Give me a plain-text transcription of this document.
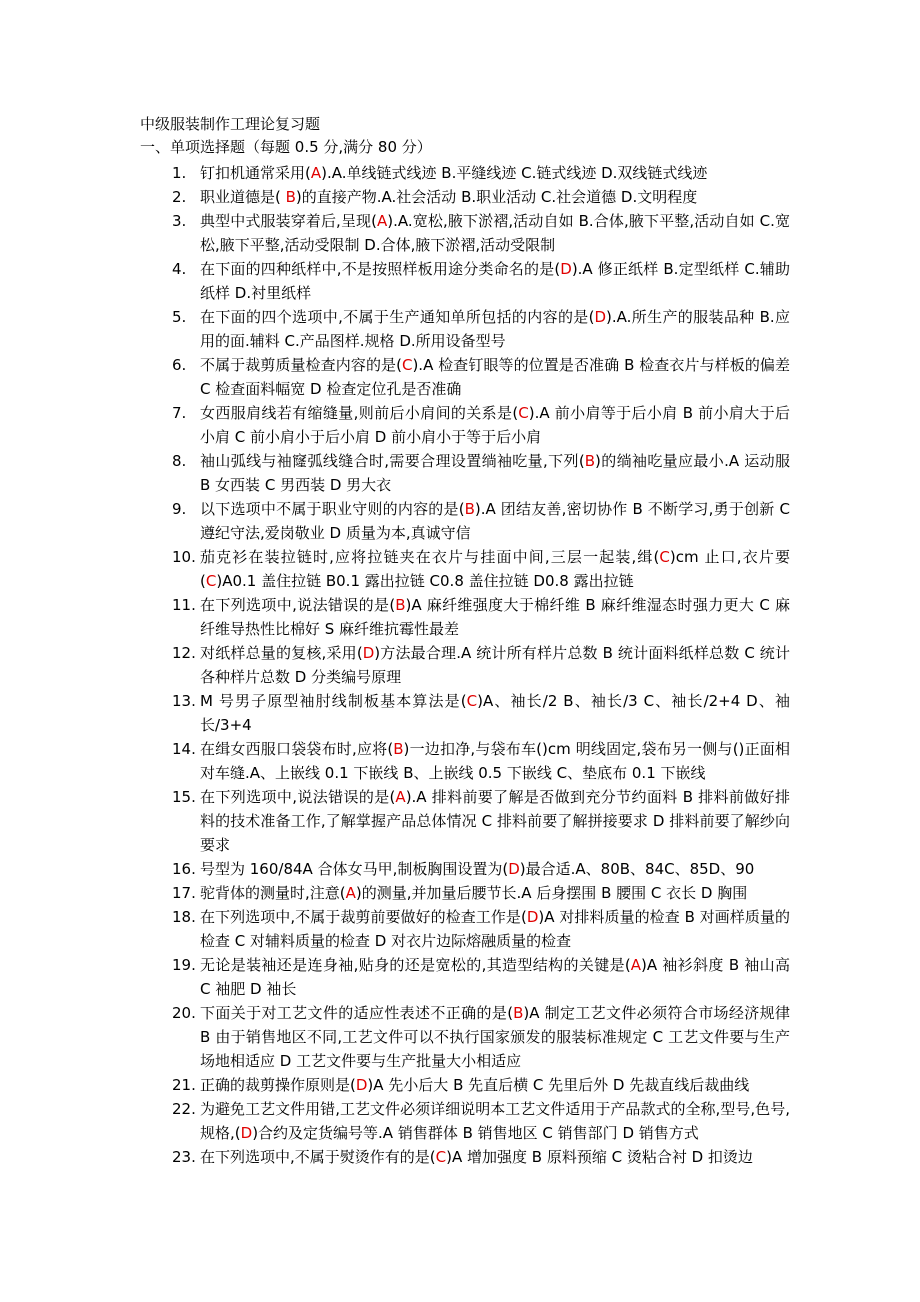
中级服装制作工理论复习题
一、单项选择题（每题 0.5 分,满分 80 分）
1. 钉扣机通常采用(A).A.单线链式线迹 B.平缝线迹 C.链式线迹 D.双线链式线迹
2. 职业道德是( B)的直接产物.A.社会活动 B.职业活动 C.社会道德 D.文明程度
3. 典型中式服装穿着后,呈现(A).A.宽松,腋下淤褶,活动自如 B.合体,腋下平整,活动自如 C.宽松,腋下平整,活动受限制 D.合体,腋下淤褶,活动受限制
4. 在下面的四种纸样中,不是按照样板用途分类命名的是(D).A 修正纸样 B.定型纸样 C.辅助纸样 D.衬里纸样
5. 在下面的四个选项中,不属于生产通知单所包括的内容的是(D).A.所生产的服装品种 B.应用的面.辅料 C.产品图样.规格 D.所用设备型号
6. 不属于裁剪质量检查内容的是(C).A 检查钉眼等的位置是否准确 B 检查衣片与样板的偏差 C 检查面料幅宽 D 检查定位孔是否准确
7. 女西服肩线若有缩缝量,则前后小肩间的关系是(C).A 前小肩等于后小肩 B 前小肩大于后小肩 C 前小肩小于后小肩 D 前小肩小于等于后小肩
8. 袖山弧线与袖窿弧线缝合时,需要合理设置绱袖吃量,下列(B)的绱袖吃量应最小.A 运动服 B 女西装 C 男西装 D 男大衣
9. 以下选项中不属于职业守则的内容的是(B).A 团结友善,密切协作 B 不断学习,勇于创新 C 遵纪守法,爱岗敬业 D 质量为本,真诚守信
10. 茄克衫在装拉链时,应将拉链夹在衣片与挂面中间,三层一起装,缉(C)cm 止口,衣片要(C)A0.1 盖住拉链 B0.1 露出拉链 C0.8 盖住拉链 D0.8 露出拉链
11. 在下列选项中,说法错误的是(B)A 麻纤维强度大于棉纤维 B 麻纤维湿态时强力更大 C 麻纤维导热性比棉好 S 麻纤维抗霉性最差
12. 对纸样总量的复核,采用(D)方法最合理.A 统计所有样片总数 B 统计面料纸样总数 C 统计各种样片总数 D 分类编号原理
13. M 号男子原型袖肘线制板基本算法是(C)A、袖长/2 B、袖长/3 C、袖长/2+4 D、袖长/3+4
14. 在缉女西服口袋袋布时,应将(B)一边扣净,与袋布车()cm 明线固定,袋布另一侧与()正面相对车缝.A、上嵌线 0.1 下嵌线 B、上嵌线 0.5 下嵌线 C、垫底布 0.1 下嵌线
15. 在下列选项中,说法错误的是(A).A 排料前要了解是否做到充分节约面料 B 排料前做好排料的技术准备工作,了解掌握产品总体情况 C 排料前要了解拼接要求 D 排料前要了解纱向要求
16. 号型为 160/84A 合体女马甲,制板胸围设置为(D)最合适.A、80B、84C、85D、90
17. 驼背体的测量时,注意(A)的测量,并加量后腰节长.A 后身摆围 B 腰围 C 衣长 D 胸围
18. 在下列选项中,不属于裁剪前要做好的检查工作是(D)A 对排料质量的检查 B 对画样质量的检查 C 对辅料质量的检查 D 对衣片边际熔融质量的检查
19. 无论是装袖还是连身袖,贴身的还是宽松的,其造型结构的关键是(A)A 袖衫斜度 B 袖山高 C 袖肥 D 袖长
20. 下面关于对工艺文件的适应性表述不正确的是(B)A 制定工艺文件必须符合市场经济规律 B 由于销售地区不同,工艺文件可以不执行国家颁发的服装标准规定 C 工艺文件要与生产场地相适应 D 工艺文件要与生产批量大小相适应
21. 正确的裁剪操作原则是(D)A 先小后大 B 先直后横 C 先里后外 D 先裁直线后裁曲线
22. 为避免工艺文件用错,工艺文件必须详细说明本工艺文件适用于产品款式的全称,型号,色号,规格,(D)合约及定货编号等.A 销售群体 B 销售地区 C 销售部门 D 销售方式
23. 在下列选项中,不属于熨烫作有的是(C)A 增加强度 B 原料预缩 C 烫粘合衬 D 扣烫边
